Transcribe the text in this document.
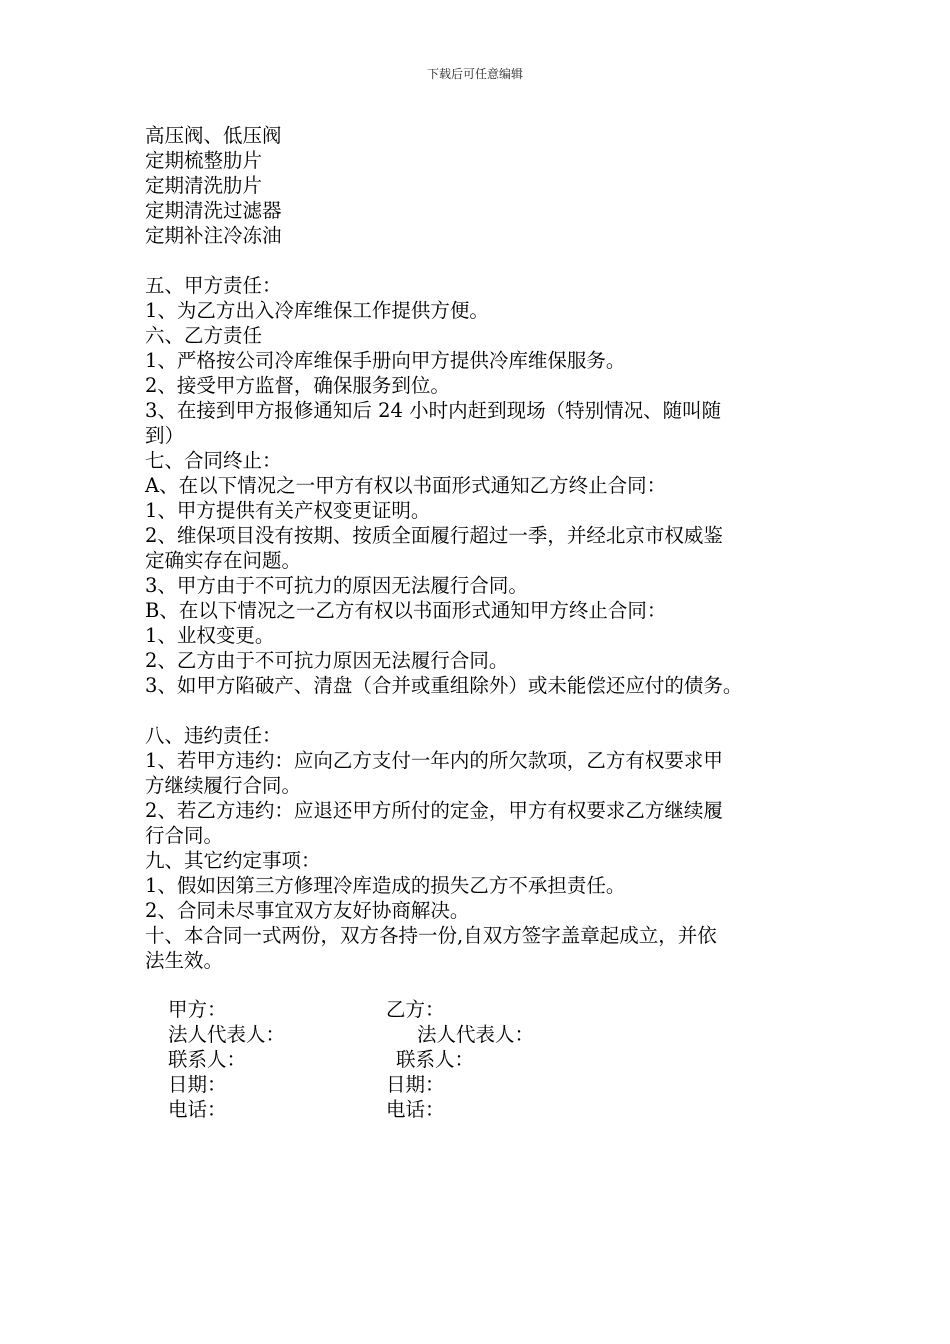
下载后可任意编辑
高压阀、低压阀
定期梳整肋片
定期清洗肋片
定期清洗过滤器
定期补注冷冻油
五、甲方责任：
1、为乙方出入冷库维保工作提供方便。
六、乙方责任
1、严格按公司冷库维保手册向甲方提供冷库维保服务。
2、接受甲方监督，确保服务到位。
3、在接到甲方报修通知后 24 小时内赶到现场（特别情况、随叫随
到）
七、合同终止：
A、在以下情况之一甲方有权以书面形式通知乙方终止合同：
1、甲方提供有关产权变更证明。
2、维保项目没有按期、按质全面履行超过一季，并经北京市权威鉴
定确实存在问题。
3、甲方由于不可抗力的原因无法履行合同。
B、在以下情况之一乙方有权以书面形式通知甲方终止合同：
1、业权变更。
2、乙方由于不可抗力原因无法履行合同。
3、如甲方陷破产、清盘（合并或重组除外）或未能偿还应付的债务。
八、违约责任：
1、若甲方违约：应向乙方支付一年内的所欠款项，乙方有权要求甲
方继续履行合同。
2、若乙方违约：应退还甲方所付的定金，甲方有权要求乙方继续履
行合同。
九、其它约定事项：
1、假如因第三方修理冷库造成的损失乙方不承担责任。
2、合同未尽事宜双方友好协商解决。
十、本合同一式两份，双方各持一份,自双方签字盖章起成立，并依
法生效。
甲方：	乙方：
法人代表人：	法人代表人：
联系人：	联系人：
日期：	日期：
电话：	电话：
